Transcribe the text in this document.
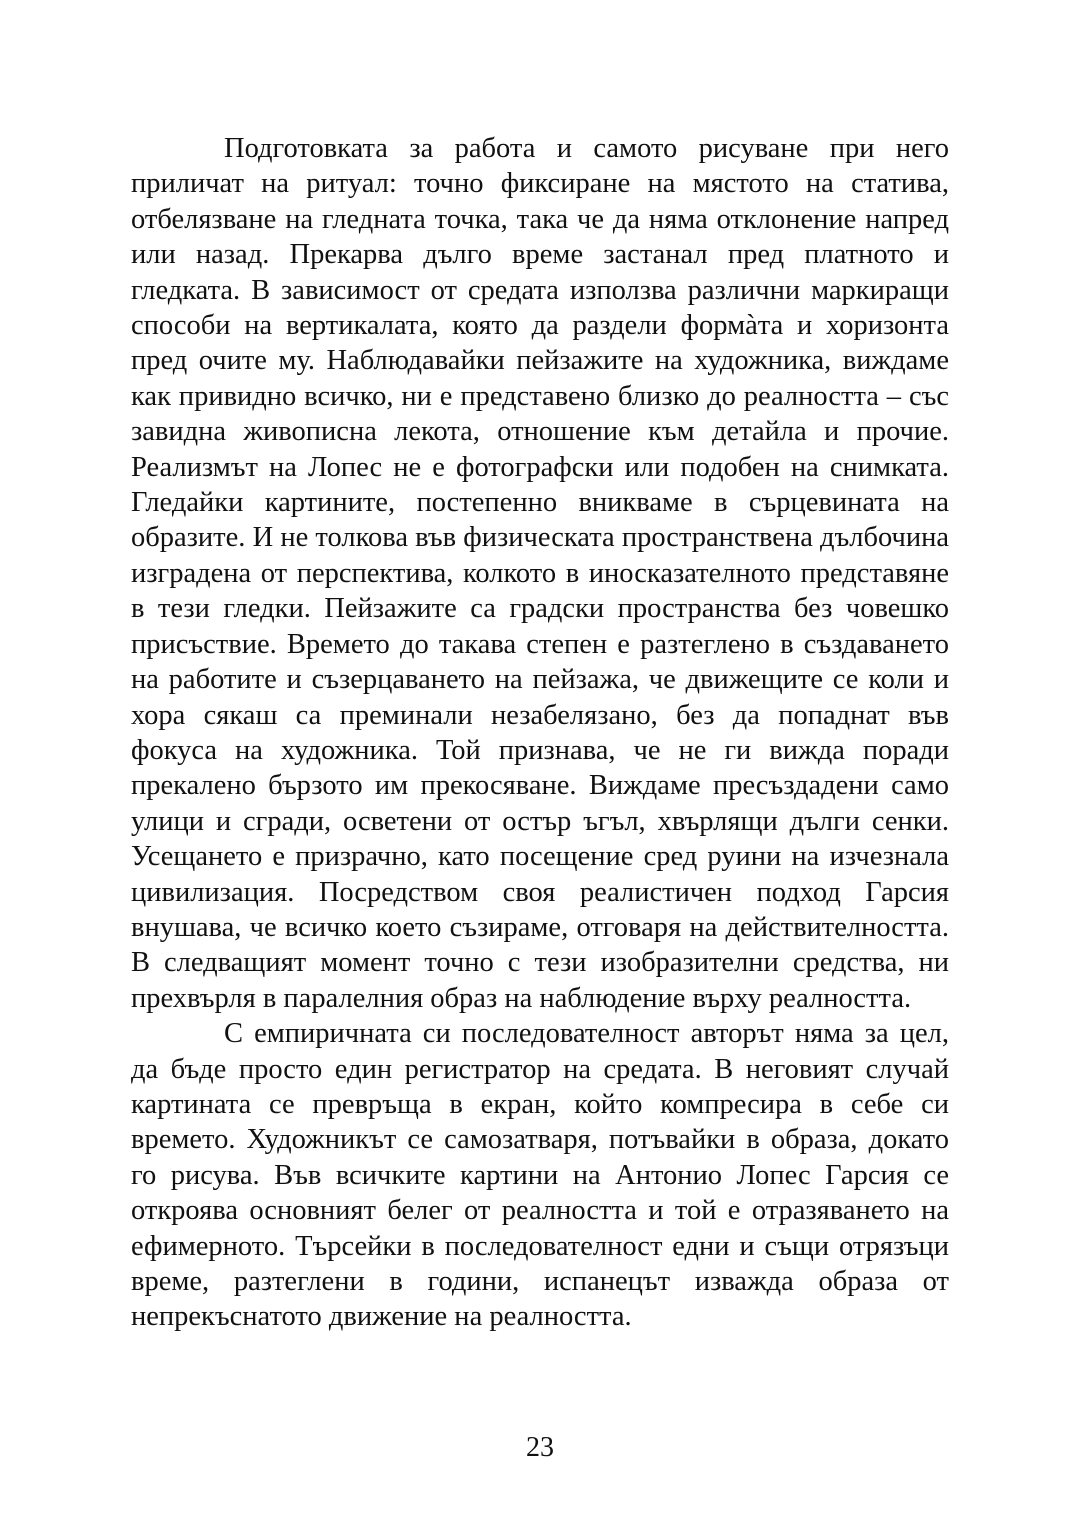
Подготовката за работа и самото рисуване при него приличат на ритуал: точно фиксиране на мястото на статива, отбелязване на гледната точка, така че да няма отклонение напред или назад. Прекарва дълго време застанал пред платното и гледката. В зависимост от средата използва различни маркиращи способи на вертикалата, която да раздели формàта и хоризонта пред очите му. Наблюдавайки пейзажите на художника, виждаме как привидно всичко, ни е представено близко до реалността – със завидна живописна лекота, отношение към детайла и прочие. Реализмът на Лопес не е фотографски или подобен на снимката. Гледайки картините, постепенно вникваме в сърцевината на образите. И не толкова във физическата пространствена дълбочина изградена от перспектива, колкото в иносказателното представяне в тези гледки. Пейзажите са градски пространства без човешко присъствие. Времето до такава степен е разтеглено в създаването на работите и съзерцаването на пейзажа, че движещите се коли и хора сякаш са преминали незабелязано, без да попаднат във фокуса на художника. Той признава, че не ги вижда поради прекалено бързото им прекосяване. Виждаме пресъздадени само улици и сгради, осветени от остър ъгъл, хвърлящи дълги сенки. Усещането е призрачно, като посещение сред руини на изчезнала цивилизация. Посредством своя реалистичен подход Гарсия внушава, че всичко което съзираме, отговаря на действителността. В следващият момент точно с тези изобразителни средства, ни прехвърля в паралелния образ на наблюдение върху реалността.

С емпиричната си последователност авторът няма за цел, да бъде просто един регистратор на средата. В неговият случай картината се превръща в екран, който компресира в себе си времето. Художникът се самозатваря, потъвайки в образа, докато го рисува. Във всичките картини на Антонио Лопес Гарсия се откроява основният белег от реалността и той е отразяването на ефимерното. Търсейки в последователност едни и същи отрязъци време, разтеглени в години, испанецът изважда образа от непрекъснатото движение на реалността.

23
